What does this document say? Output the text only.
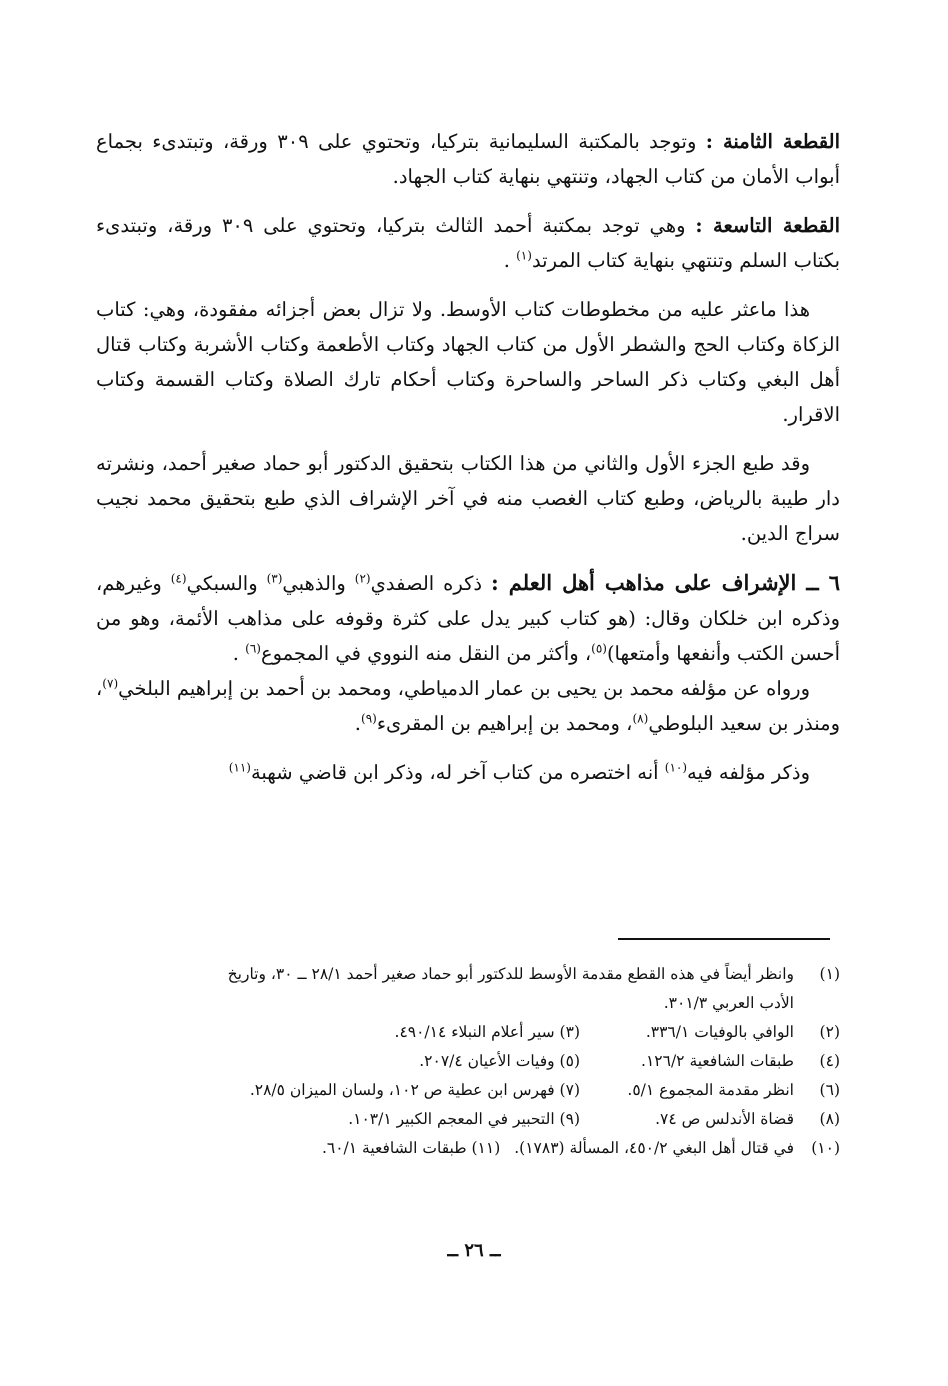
القطعة الثامنة : وتوجد بالمكتبة السليمانية بتركيا، وتحتوي على ٣٠٩ ورقة، وتبتدىء بجماع أبواب الأمان من كتاب الجهاد، وتنتهي بنهاية كتاب الجهاد.

القطعة التاسعة : وهي توجد بمكتبة أحمد الثالث بتركيا، وتحتوي على ٣٠٩ ورقة، وتبتدىء بكتاب السلم وتنتهي بنهاية كتاب المرتد$^{(١)}$ .

هذا ماعثر عليه من مخطوطات كتاب الأوسط. ولا تزال بعض أجزائه مفقودة، وهي: كتاب الزكاة وكتاب الحج والشطر الأول من كتاب الجهاد وكتاب الأطعمة وكتاب الأشربة وكتاب قتال أهل البغي وكتاب ذكر الساحر والساحرة وكتاب أحكام تارك الصلاة وكتاب القسمة وكتاب الاقرار.

وقد طبع الجزء الأول والثاني من هذا الكتاب بتحقيق الدكتور أبو حماد صغير أحمد، ونشرته دار طيبة بالرياض، وطبع كتاب الغصب منه في آخر الإشراف الذي طبع بتحقيق محمد نجيب سراج الدين.

٦ ــ الإشراف على مذاهب أهل العلم : ذكره الصفدي$^{(٢)}$ والذهبي$^{(٣)}$ والسبكي$^{(٤)}$ وغيرهم، وذكره ابن خلكان وقال: (هو كتاب كبير يدل على كثرة وقوفه على مذاهب الأئمة، وهو من أحسن الكتب وأنفعها وأمتعها)$^{(٥)}$، وأكثر من النقل منه النووي في المجموع$^{(٦)}$ .

ورواه عن مؤلفه محمد بن يحيى بن عمار الدمياطي، ومحمد بن أحمد بن إبراهيم البلخي$^{(٧)}$، ومنذر بن سعيد البلوطي$^{(٨)}$، ومحمد بن إبراهيم بن المقرىء$^{(٩)}$.

وذكر مؤلفه فيه$^{(١٠)}$ أنه اختصره من كتاب آخر له، وذكر ابن قاضي شهبة$^{(١١)}$

(١)
وانظر أيضاً في هذه القطع مقدمة الأوسط للدكتور أبو حماد صغير أحمد ٢٨/١ ــ ٣٠، وتاريخ
الأدب العربي ٣٠١/٣.
(٢)
الوافي بالوفيات ٣٣٦/١.(٣) سير أعلام النبلاء ٤٩٠/١٤.
(٤)
طبقات الشافعية ١٢٦/٢.(٥) وفيات الأعيان ٢٠٧/٤.
(٦)
انظر مقدمة المجموع ٥/١.(٧) فهرس ابن عطية ص ١٠٢، ولسان الميزان ٢٨/٥.
(٨)
قضاة الأندلس ص ٧٤.(٩) التحبير في المعجم الكبير ١٠٣/١.
(١٠)
في قتال أهل البغي ٤٥٠/٢، المسألة (١٧٨٣).(١١) طبقات الشافعية ٦٠/١.
ــ ٢٦ ــ
